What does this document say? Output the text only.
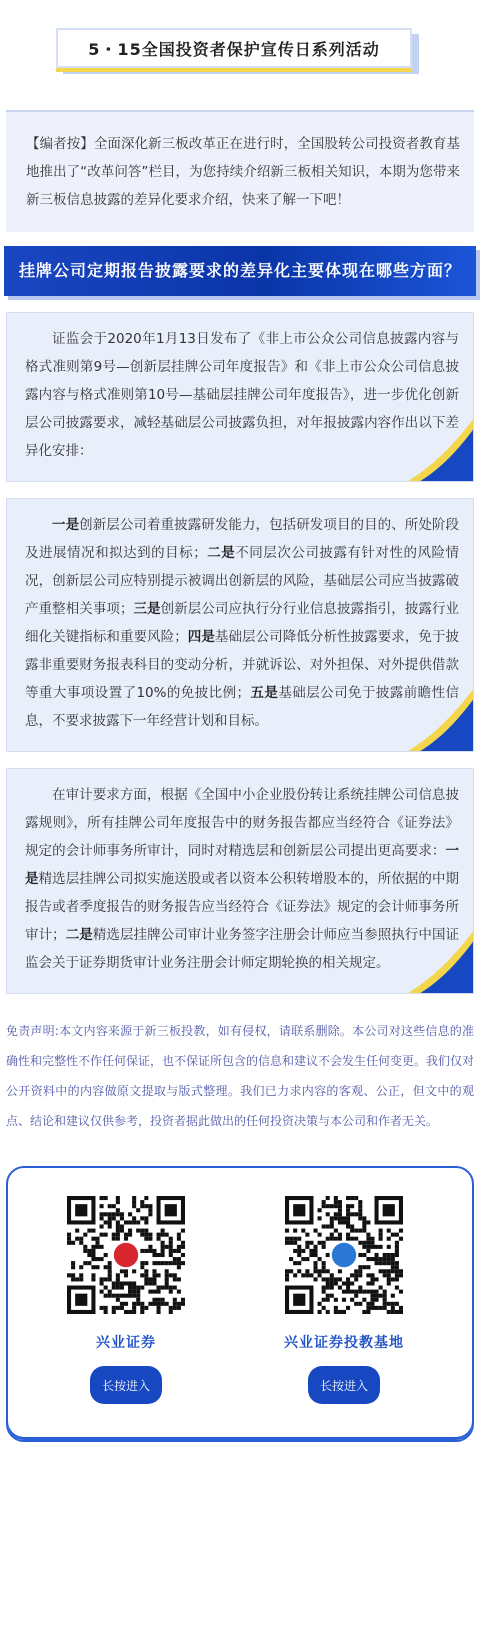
5・15全国投资者保护宣传日系列活动
【编者按】全面深化新三板改革正在进行时，全国股转公司投资者教育基地推出了“改革问答”栏目，为您持续介绍新三板相关知识，本期为您带来新三板信息披露的差异化要求介绍，快来了解一下吧！
挂牌公司定期报告披露要求的差异化主要体现在哪些方面？

证监会于2020年1月13日发布了《非上市公众公司信息披露内容与格式准则第9号—创新层挂牌公司年度报告》和《非上市公众公司信息披露内容与格式准则第10号—基础层挂牌公司年度报告》，进一步优化创新层公司披露要求，减轻基础层公司披露负担，对年报披露内容作出以下差异化安排：

一是创新层公司着重披露研发能力，包括研发项目的目的、所处阶段及进展情况和拟达到的目标；二是不同层次公司披露有针对性的风险情况，创新层公司应特别提示被调出创新层的风险，基础层公司应当披露破产重整相关事项；三是创新层公司应执行分行业信息披露指引，披露行业细化关键指标和重要风险；四是基础层公司降低分析性披露要求，免于披露非重要财务报表科目的变动分析，并就诉讼、对外担保、对外提供借款等重大事项设置了10%的免披比例；五是基础层公司免于披露前瞻性信息，不要求披露下一年经营计划和目标。

在审计要求方面，根据《全国中小企业股份转让系统挂牌公司信息披露规则》，所有挂牌公司年度报告中的财务报告都应当经符合《证券法》规定的会计师事务所审计，同时对精选层和创新层公司提出更高要求：一是精选层挂牌公司拟实施送股或者以资本公积转增股本的，所依据的中期报告或者季度报告的财务报告应当经符合《证券法》规定的会计师事务所审计；二是精选层挂牌公司审计业务签字注册会计师应当参照执行中国证监会关于证券期货审计业务注册会计师定期轮换的相关规定。

免责声明:本文内容来源于新三板投教，如有侵权，请联系删除。本公司对这些信息的准确性和完整性不作任何保证，也不保证所包含的信息和建议不会发生任何变更。我们仅对公开资料中的内容做原文提取与版式整理。我们已力求内容的客观、公正，但文中的观点、结论和建议仅供参考，投资者据此做出的任何投资决策与本公司和作者无关。
兴业证券
长按进入
兴业证券投教基地
长按进入
